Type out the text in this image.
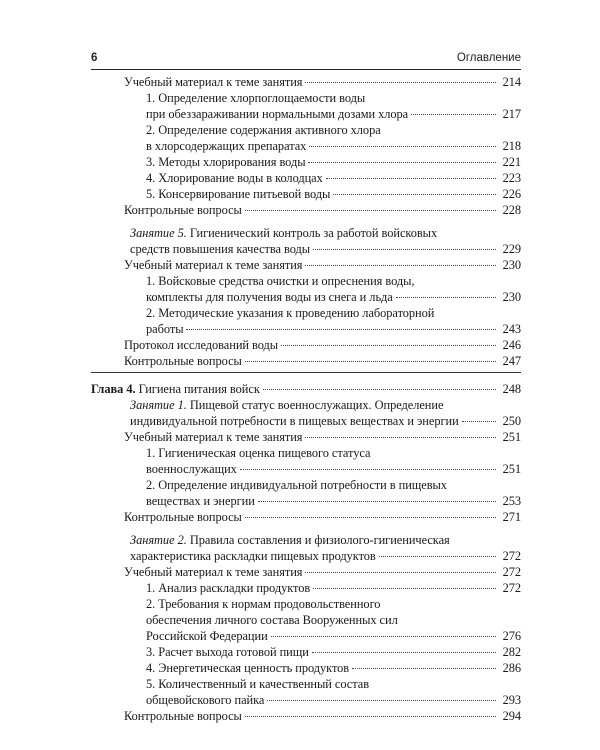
6	Оглавление
Учебный материал к теме занятия	214
1. Определение хлорпоглощаемости воды
при обеззараживании нормальными дозами хлора	217
2. Определение содержания активного хлора
в хлорсодержащих препаратах	218
3. Методы хлорирования воды	221
4. Хлорирование воды в колодцах	223
5. Консервирование питьевой воды	226
Контрольные вопросы	228
Занятие 5. Гигиенический контроль за работой войсковых
средств повышения качества воды	229
Учебный материал к теме занятия	230
1. Войсковые средства очистки и опреснения воды,
комплекты для получения воды из снега и льда	230
2. Методические указания к проведению лабораторной
работы	243
Протокол исследований воды	246
Контрольные вопросы	247
Глава 4. Гигиена питания войск	248
Занятие 1. Пищевой статус военнослужащих. Определение
индивидуальной потребности в пищевых веществах и энергии	250
Учебный материал к теме занятия	251
1. Гигиеническая оценка пищевого статуса
военнослужащих	251
2. Определение индивидуальной потребности в пищевых
веществах и энергии	253
Контрольные вопросы	271
Занятие 2. Правила составления и физиолого-гигиеническая
характеристика раскладки пищевых продуктов	272
Учебный материал к теме занятия	272
1. Анализ раскладки продуктов	272
2. Требования к нормам продовольственного
обеспечения личного состава Вооруженных сил
Российской Федерации	276
3. Расчет выхода готовой пищи	282
4. Энергетическая ценность продуктов	286
5. Количественный и качественный состав
общевойскового пайка	293
Контрольные вопросы	294
